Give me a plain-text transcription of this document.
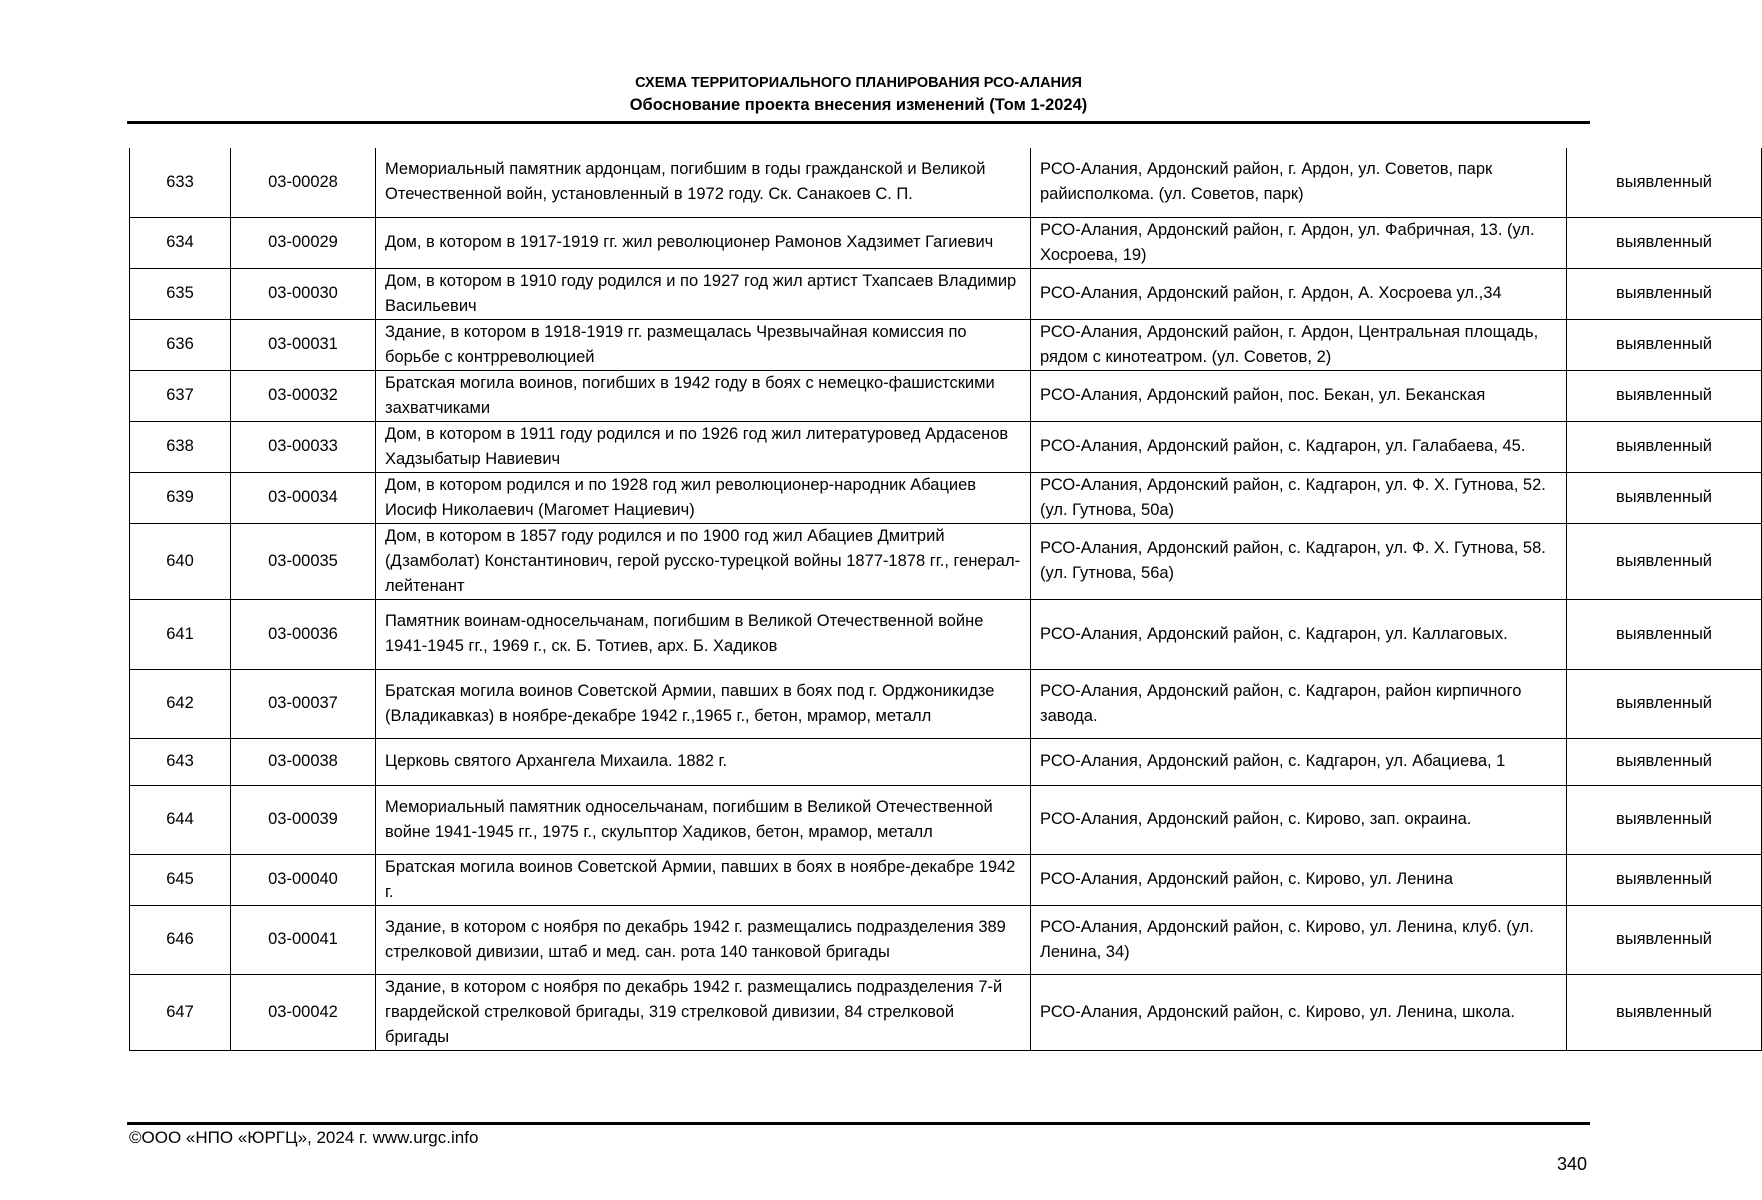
СХЕМА ТЕРРИТОРИАЛЬНОГО ПЛАНИРОВАНИЯ РСО-АЛАНИЯ
Обоснование проекта внесения изменений (Том 1-2024)
633	03-00028	Мемориальный памятник ардонцам, погибшим в годы гражданской и Великой Отечественной войн, установленный в 1972 году. Ск. Санакоев С. П.	РСО-Алания, Ардонский район, г. Ардон, ул. Советов, парк райисполкома. (ул. Советов, парк)	выявленный
634	03-00029	Дом, в котором в 1917-1919 гг. жил революционер Рамонов Хадзимет Гагиевич	РСО-Алания, Ардонский район, г. Ардон, ул. Фабричная, 13. (ул. Хосроева, 19)	выявленный
635	03-00030	Дом, в котором в 1910 году родился и по 1927 год жил артист Тхапсаев Владимир Васильевич	РСО-Алания, Ардонский район, г. Ардон, А. Хосроева ул.,34	выявленный
636	03-00031	Здание, в котором в 1918-1919 гг. размещалась Чрезвычайная комиссия по борьбе с контрреволюцией	РСО-Алания, Ардонский район, г. Ардон, Центральная площадь, рядом с кинотеатром. (ул. Советов, 2)	выявленный
637	03-00032	Братская могила воинов, погибших в 1942 году в боях с немецко-фашистскими захватчиками	РСО-Алания, Ардонский район, пос. Бекан, ул. Беканская	выявленный
638	03-00033	Дом, в котором в 1911 году родился и по 1926 год жил литературовед Ардасенов Хадзыбатыр Навиевич	РСО-Алания, Ардонский район, с. Кадгарон, ул. Галабаева, 45.	выявленный
639	03-00034	Дом, в котором родился и по 1928 год жил революционер-народник Абациев Иосиф Николаевич (Магомет Нациевич)	РСО-Алания, Ардонский район, с. Кадгарон, ул. Ф. Х. Гутнова, 52. (ул. Гутнова, 50а)	выявленный
640	03-00035	Дом, в котором в 1857 году родился и по 1900 год жил Абациев Дмитрий (Дзамболат) Константинович, герой русско-турецкой войны 1877-1878 гг., генерал-лейтенант	РСО-Алания, Ардонский район, с. Кадгарон, ул. Ф. Х. Гутнова, 58. (ул. Гутнова, 56а)	выявленный
641	03-00036	Памятник воинам-односельчанам, погибшим в Великой Отечественной войне 1941-1945 гг., 1969 г., ск. Б. Тотиев, арх. Б. Хадиков	РСО-Алания, Ардонский район, с. Кадгарон, ул. Каллаговых.	выявленный
642	03-00037	Братская могила воинов Советской Армии, павших в боях под г. Орджоникидзе (Владикавказ) в ноябре-декабре 1942 г.,1965 г., бетон, мрамор, металл	РСО-Алания, Ардонский район, с. Кадгарон, район кирпичного завода.	выявленный
643	03-00038	Церковь святого Архангела Михаила. 1882 г.	РСО-Алания, Ардонский район, с. Кадгарон, ул. Абациева, 1	выявленный
644	03-00039	Мемориальный памятник односельчанам, погибшим в Великой Отечественной войне 1941-1945 гг., 1975 г., скульптор Хадиков, бетон, мрамор, металл	РСО-Алания, Ардонский район, с. Кирово, зап. окраина.	выявленный
645	03-00040	Братская могила воинов Советской Армии, павших в боях в ноябре-декабре 1942 г.	РСО-Алания, Ардонский район, с. Кирово, ул. Ленина	выявленный
646	03-00041	Здание, в котором с ноября по декабрь 1942 г. размещались подразделения 389 стрелковой дивизии, штаб и мед. сан. рота 140 танковой бригады	РСО-Алания, Ардонский район, с. Кирово, ул. Ленина, клуб. (ул. Ленина, 34)	выявленный
647	03-00042	Здание, в котором с ноября по декабрь 1942 г. размещались подразделения 7-й гвардейской стрелковой бригады, 319 стрелковой дивизии, 84 стрелковой бригады	РСО-Алания, Ардонский район, с. Кирово, ул. Ленина, школа.	выявленный
©ООО «НПО «ЮРГЦ», 2024 г. www.urgc.info
340
